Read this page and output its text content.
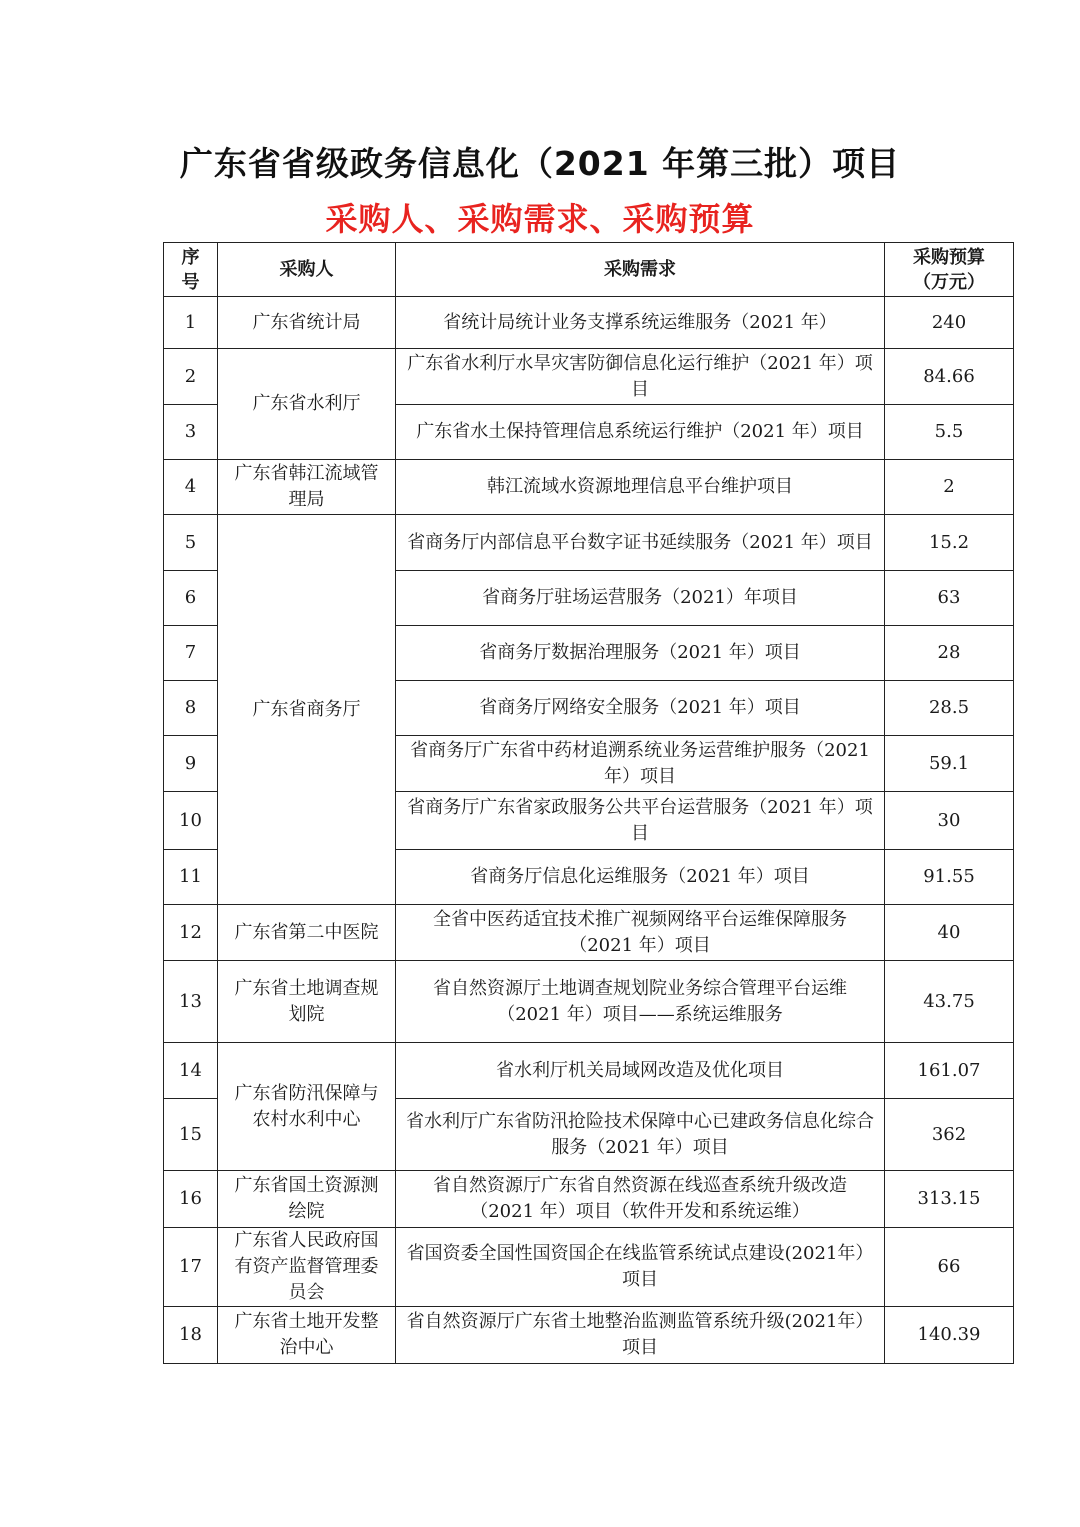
广东省省级政务信息化（2021 年第三批）项目
采购人、采购需求、采购预算
序
号	采购人	采购需求	采购预算
（万元）
1	广东省统计局	省统计局统计业务支撑系统运维服务（2021 年）	240
2	广东省水利厅	广东省水利厅水旱灾害防御信息化运行维护（2021 年）项目	84.66
3		广东省水土保持管理信息系统运行维护（2021 年）项目	5.5
4	广东省韩江流域管理局	韩江流域水资源地理信息平台维护项目	2
5	广东省商务厅	省商务厅内部信息平台数字证书延续服务（2021 年）项目	15.2
6		省商务厅驻场运营服务（2021）年项目	63
7		省商务厅数据治理服务（2021 年）项目	28
8		省商务厅网络安全服务（2021 年）项目	28.5
9		省商务厅广东省中药材追溯系统业务运营维护服务（2021 年）项目	59.1
10		省商务厅广东省家政服务公共平台运营服务（2021 年）项目	30
11		省商务厅信息化运维服务（2021 年）项目	91.55
12	广东省第二中医院	全省中医药适宜技术推广视频网络平台运维保障服务（2021 年）项目	40
13	广东省土地调查规划院	省自然资源厅土地调查规划院业务综合管理平台运维（2021 年）项目——系统运维服务	43.75
14	广东省防汛保障与农村水利中心	省水利厅机关局域网改造及优化项目	161.07
15		省水利厅广东省防汛抢险技术保障中心已建政务信息化综合服务（2021 年）项目	362
16	广东省国土资源测绘院	省自然资源厅广东省自然资源在线巡查系统升级改造（2021 年）项目（软件开发和系统运维）	313.15
17	广东省人民政府国有资产监督管理委员会	省国资委全国性国资国企在线监管系统试点建设(2021年）项目	66
18	广东省土地开发整治中心	省自然资源厅广东省土地整治监测监管系统升级(2021年）项目	140.39
